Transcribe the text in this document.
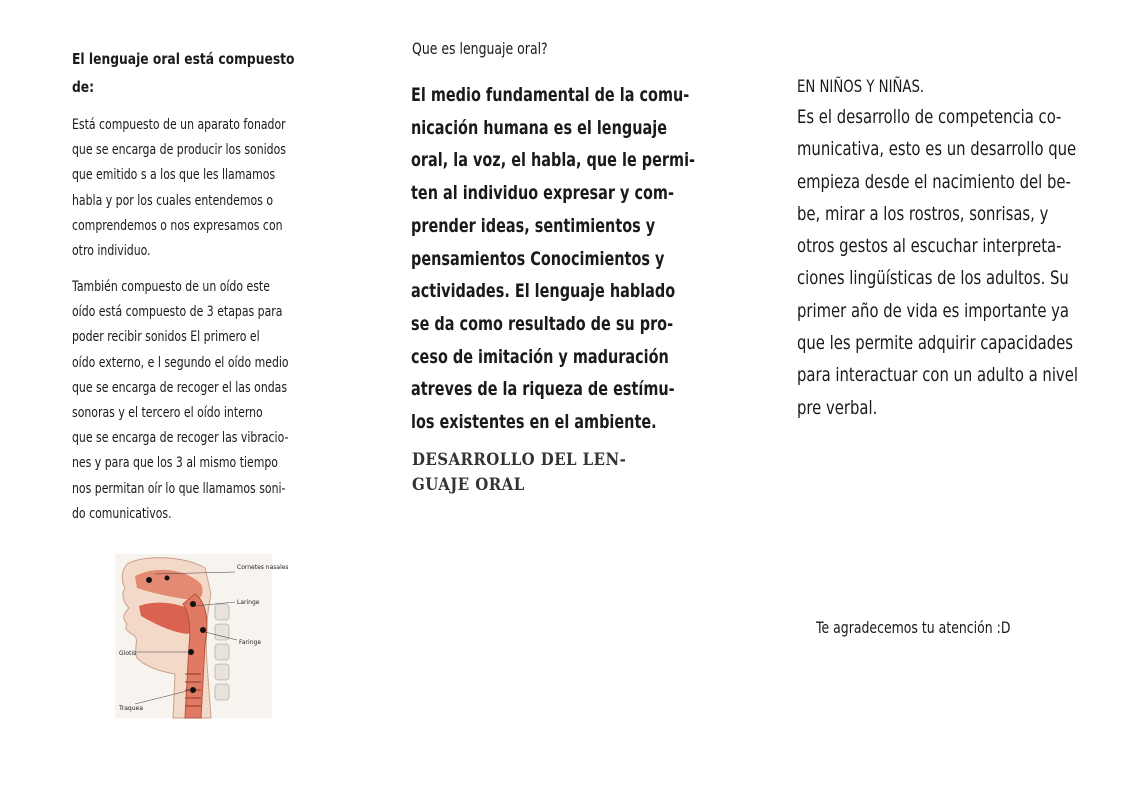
El lenguaje oral está compuesto
de:
Está compuesto de un aparato fonador
que se encarga de producir los sonidos
que emitido s a los que les llamamos
habla y por los cuales entendemos o
comprendemos o nos expresamos con
otro individuo.
También compuesto de un oído este
oído está compuesto de 3 etapas para
poder recibir sonidos El primero el
oído externo, e l segundo el oído medio
que se encarga de recoger el las ondas
sonoras y el tercero el oído interno
que se encarga de recoger las vibracio-
nes y para que los 3 al mismo tiempo
nos permitan oír lo que llamamos soni-
do comunicativos.
Cornetes nasales
Laringe
Faringe
Glotis
Traquea
Que es lenguaje oral?
El medio fundamental de la comu-
nicación humana es el lenguaje
oral, la voz, el habla, que le permi-
ten al individuo expresar y com-
prender ideas, sentimientos y
pensamientos Conocimientos y
actividades. El lenguaje hablado
se da como resultado de su pro-
ceso de imitación y maduración
atreves de la riqueza de estímu-
los existentes en el ambiente.
DESARROLLO DEL LEN-
GUAJE ORAL
EN NIÑOS Y NIÑAS.
Es el desarrollo de competencia co-
municativa, esto es un desarrollo que
empieza desde el nacimiento del be-
be, mirar a los rostros, sonrisas, y
otros gestos al escuchar interpreta-
ciones lingüísticas de los adultos. Su
primer año de vida es importante ya
que les permite adquirir capacidades
para interactuar con un adulto a nivel
pre verbal.
Te agradecemos tu atención :D
